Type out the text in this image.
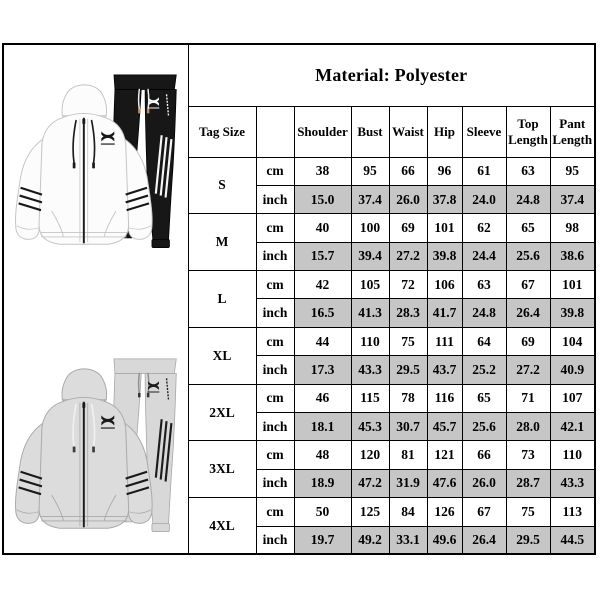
	Material: Polyester								
	Tag Size		Shoulder	Bust	Waist	Hip	Sleeve	Top Length	Pant Length
	S	cm	38	95	66	96	61	63	95
		inch	15.0	37.4	26.0	37.8	24.0	24.8	37.4
	M	cm	40	100	69	101	62	65	98
		inch	15.7	39.4	27.2	39.8	24.4	25.6	38.6
	L	cm	42	105	72	106	63	67	101
		inch	16.5	41.3	28.3	41.7	24.8	26.4	39.8
	XL	cm	44	110	75	111	64	69	104
		inch	17.3	43.3	29.5	43.7	25.2	27.2	40.9
	2XL	cm	46	115	78	116	65	71	107
		inch	18.1	45.3	30.7	45.7	25.6	28.0	42.1
	3XL	cm	48	120	81	121	66	73	110
		inch	18.9	47.2	31.9	47.6	26.0	28.7	43.3
	4XL	cm	50	125	84	126	67	75	113
		inch	19.7	49.2	33.1	49.6	26.4	29.5	44.5
